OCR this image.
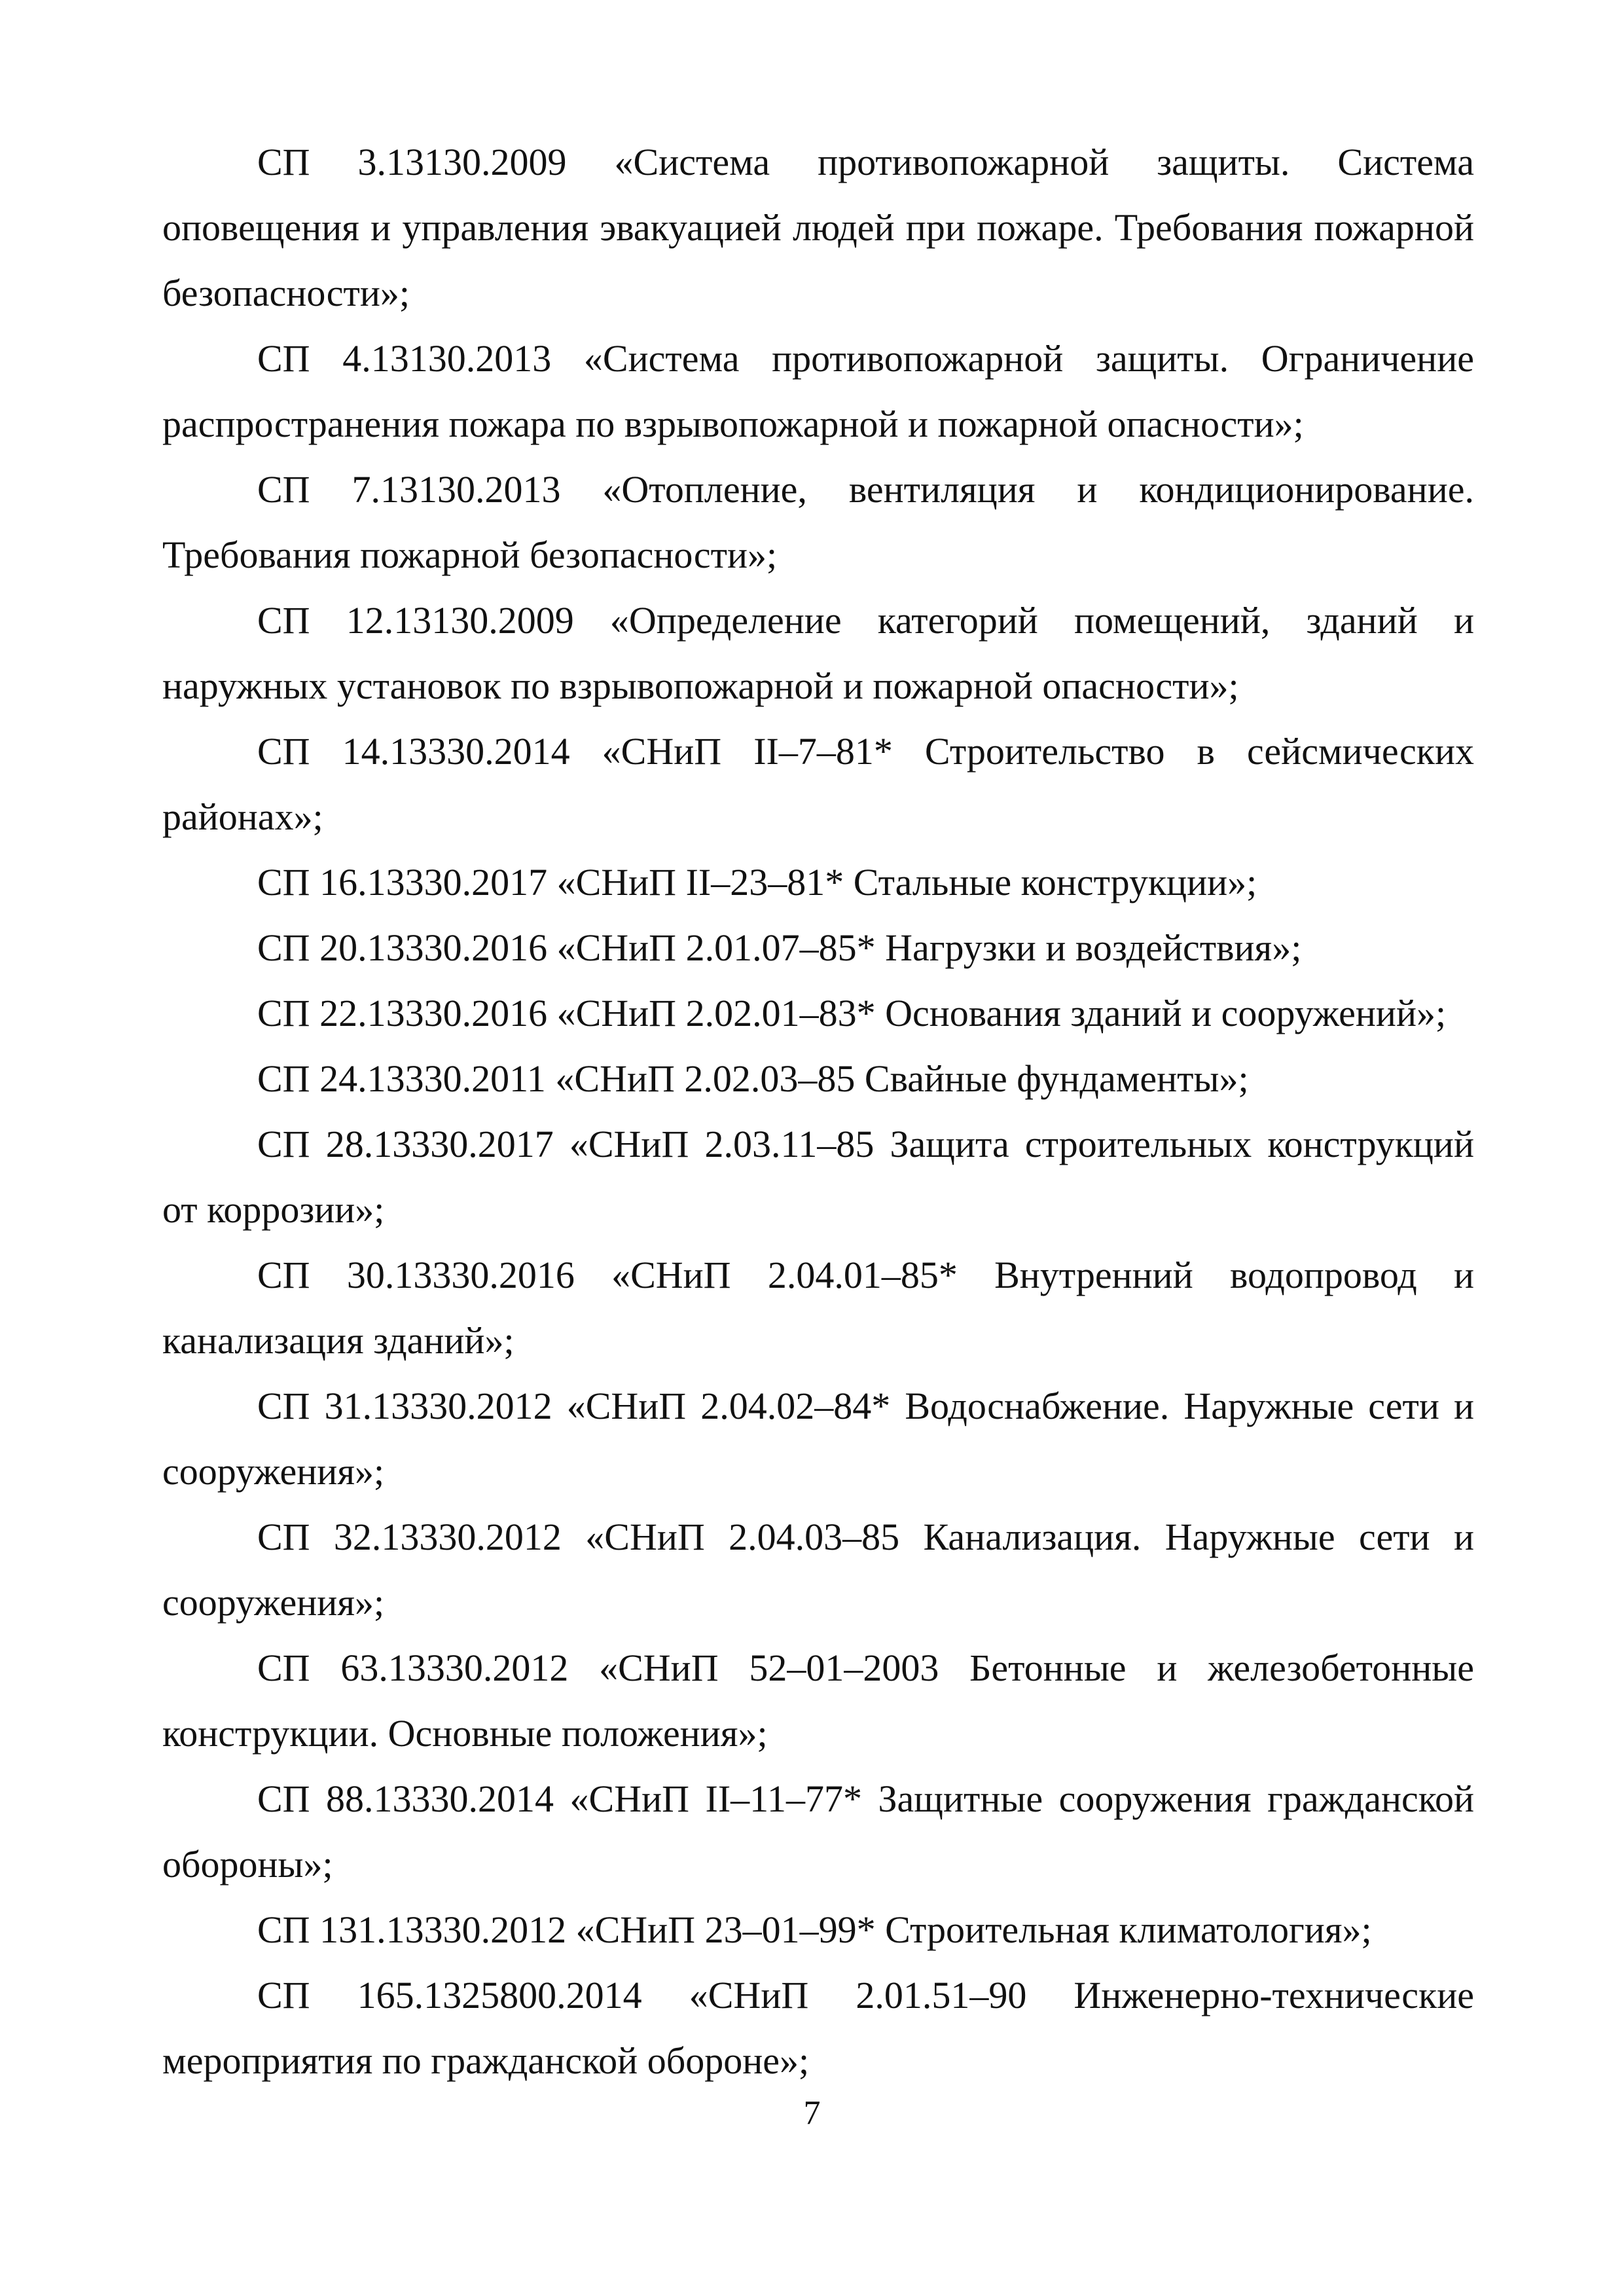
СП 3.13130.2009 «Система противопожарной защиты. Система оповещения и управления эвакуацией людей при пожаре. Требования пожарной безопасности»;

СП 4.13130.2013 «Система противопожарной защиты. Ограничение распространения пожара по взрывопожарной и пожарной опасности»;

СП 7.13130.2013 «Отопление, вентиляция и кондиционирование. Требования пожарной безопасности»;

СП 12.13130.2009 «Определение категорий помещений, зданий и наружных установок по взрывопожарной и пожарной опасности»;

СП 14.13330.2014 «СНиП II–7–81* Строительство в сейсмических районах»;

СП 16.13330.2017 «СНиП II–23–81* Стальные конструкции»;

СП 20.13330.2016 «СНиП 2.01.07–85* Нагрузки и воздействия»;

СП 22.13330.2016 «СНиП 2.02.01–83* Основания зданий и сооружений»;

СП 24.13330.2011 «СНиП 2.02.03–85 Свайные фундаменты»;

СП 28.13330.2017 «СНиП 2.03.11–85 Защита строительных конструкций от коррозии»;

СП 30.13330.2016 «СНиП 2.04.01–85* Внутренний водопровод и канализация зданий»;

СП 31.13330.2012 «СНиП 2.04.02–84* Водоснабжение. Наружные сети и сооружения»;

СП 32.13330.2012 «СНиП 2.04.03–85 Канализация. Наружные сети и сооружения»;

СП 63.13330.2012 «СНиП 52–01–2003 Бетонные и железобетонные конструкции. Основные положения»;

СП 88.13330.2014 «СНиП II–11–77* Защитные сооружения гражданской обороны»;

СП 131.13330.2012 «СНиП 23–01–99* Строительная климатология»;

СП 165.1325800.2014 «СНиП 2.01.51–90 Инженерно-технические мероприятия по гражданской обороне»;

7
